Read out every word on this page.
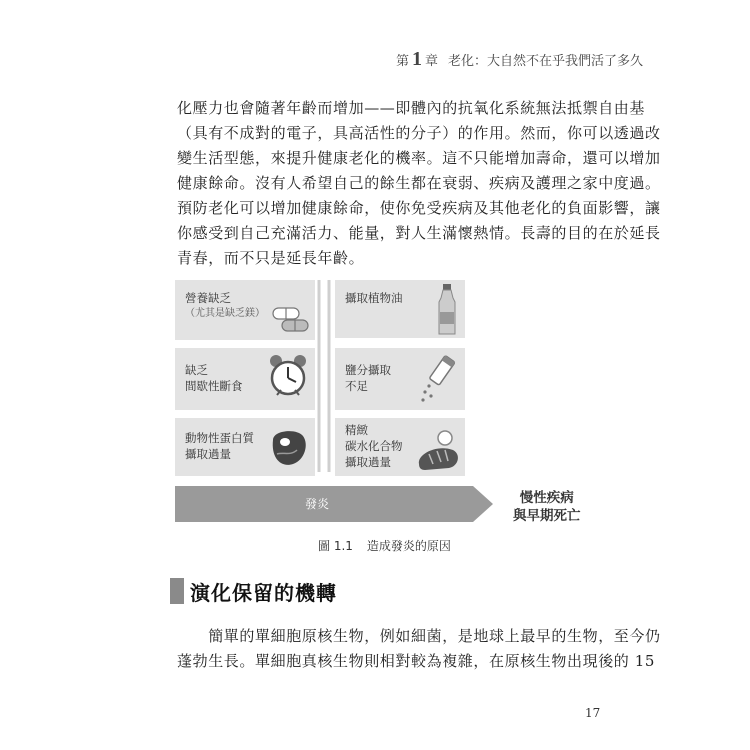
第 1 章 老化：大自然不在乎我們活了多久
化壓力也會隨著年齡而增加——即體內的抗氧化系統無法抵禦自由基
（具有不成對的電子，具高活性的分子）的作用。然而，你可以透過改
變生活型態，來提升健康老化的機率。這不只能增加壽命，還可以增加
健康餘命。沒有人希望自己的餘生都在衰弱、疾病及護理之家中度過。
預防老化可以增加健康餘命，使你免受疾病及其他老化的負面影響，讓
你感受到自己充滿活力、能量，對人生滿懷熱情。長壽的目的在於延長
青春，而不只是延長年齡。
營養缺乏
（尤其是缺乏鎂）
缺乏
間歇性斷食
動物性蛋白質
攝取過量
攝取植物油
鹽分攝取
不足
精緻
碳水化合物
攝取過量
發炎	慢性疾病
與早期死亡
圖 1.1 造成發炎的原因
演化保留的機轉
　　簡單的單細胞原核生物，例如細菌，是地球上最早的生物，至今仍
蓬勃生長。單細胞真核生物則相對較為複雜，在原核生物出現後的 15
17
